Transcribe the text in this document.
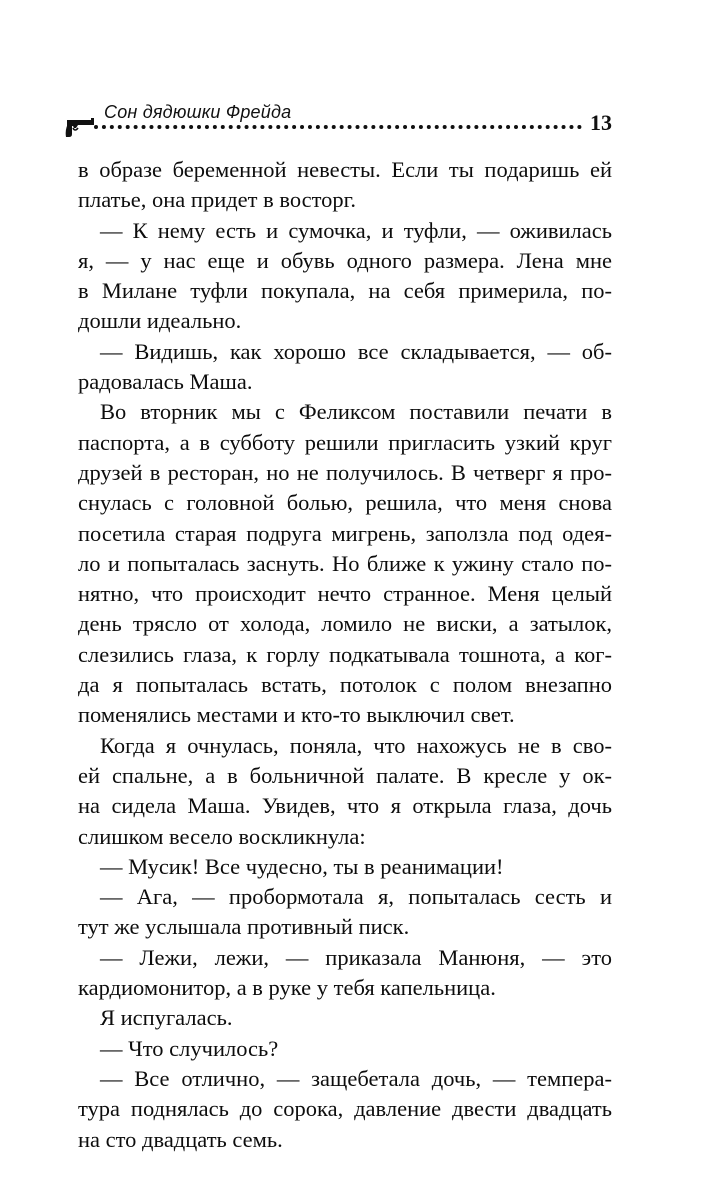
Сон дядюшки Фрейда	13
в образе беременной невесты. Если ты подаришь ей
платье, она придет в восторг.
— К нему есть и сумочка, и туфли, — оживилась
я, — у нас еще и обувь одного размера. Лена мне
в Милане туфли покупала, на себя примерила, по-
дошли идеально.
— Видишь, как хорошо все складывается, — об-
радовалась Маша.
Во вторник мы с Феликсом поставили печати в
паспорта, а в субботу решили пригласить узкий круг
друзей в ресторан, но не получилось. В четверг я про-
снулась с головной болью, решила, что меня снова
посетила старая подруга мигрень, заползла под одея-
ло и попыталась заснуть. Но ближе к ужину стало по-
нятно, что происходит нечто странное. Меня целый
день трясло от холода, ломило не виски, а затылок,
слезились глаза, к горлу подкатывала тошнота, а ког-
да я попыталась встать, потолок с полом внезапно
поменялись местами и кто-то выключил свет.
Когда я очнулась, поняла, что нахожусь не в сво-
ей спальне, а в больничной палате. В кресле у ок-
на сидела Маша. Увидев, что я открыла глаза, дочь
слишком весело воскликнула:
— Мусик! Все чудесно, ты в реанимации!
— Ага, — пробормотала я, попыталась сесть и
тут же услышала противный писк.
— Лежи, лежи, — приказала Манюня, — это
кардиомонитор, а в руке у тебя капельница.
Я испугалась.
— Что случилось?
— Все отлично, — защебетала дочь, — темпера-
тура поднялась до сорока, давление двести двадцать
на сто двадцать семь.
